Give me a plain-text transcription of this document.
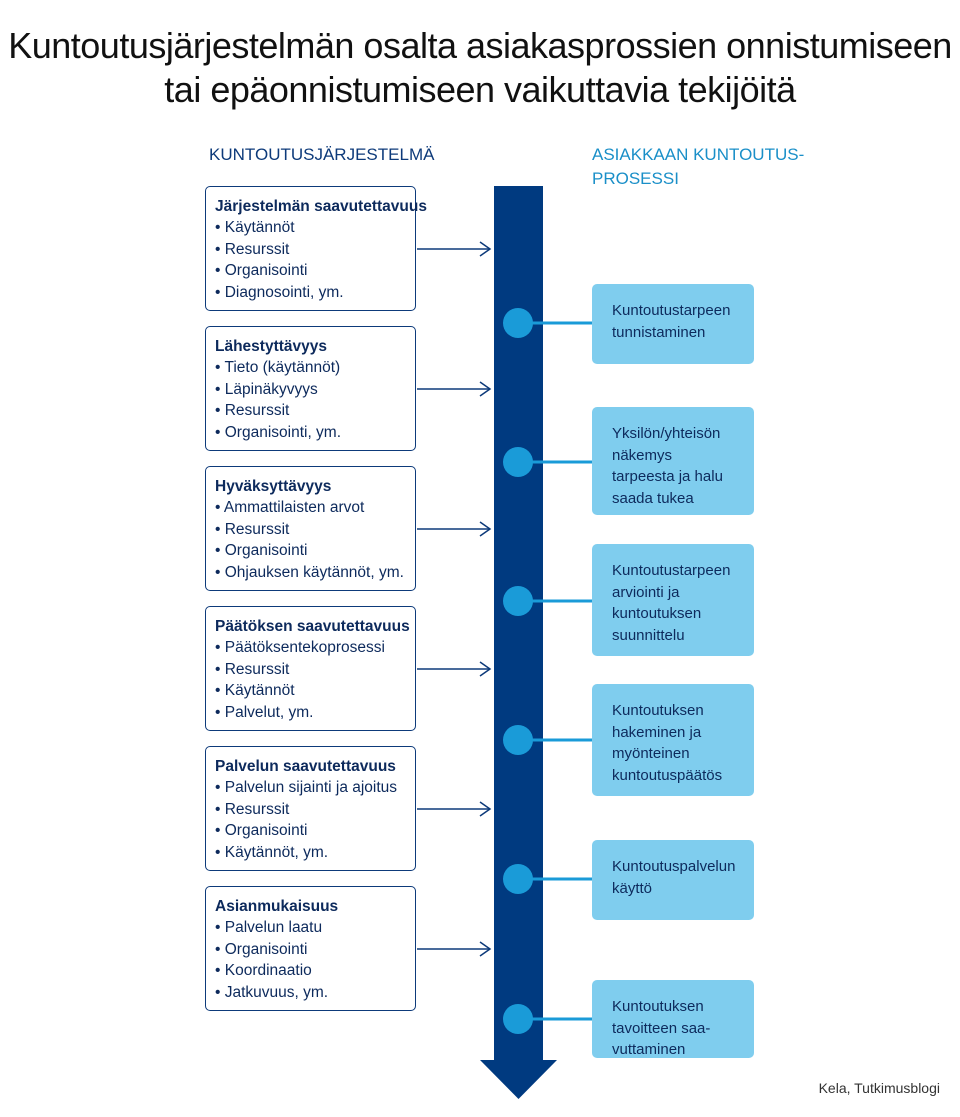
Kuntoutusjärjestelmän osalta asiakasprossien onnistumiseen
tai epäonnistumiseen vaikuttavia tekijöitä
KUNTOUTUSJÄRJESTELMÄ	ASIAKKAAN KUNTOUTUS-
PROSESSI
Järjestelmän saavutettavuus
• Käytännöt
• Resurssit
• Organisointi
• Diagnosointi, ym.
Lähestyttävyys
• Tieto (käytännöt)
• Läpinäkyvyys
• Resurssit
• Organisointi, ym.
Hyväksyttävyys
• Ammattilaisten arvot
• Resurssit
• Organisointi
• Ohjauksen käytännöt, ym.
Päätöksen saavutettavuus
• Päätöksentekoprosessi
• Resurssit
• Käytännöt
• Palvelut, ym.
Palvelun saavutettavuus
• Palvelun sijainti ja ajoitus
• Resurssit
• Organisointi
• Käytännöt, ym.
Asianmukaisuus
• Palvelun laatu
• Organisointi
• Koordinaatio
• Jatkuvuus, ym.
Kuntoutustarpeen
tunnistaminen
Yksilön/yhteisön
näkemys
tarpeesta ja halu
saada tukea
Kuntoutustarpeen
arviointi ja
kuntoutuksen
suunnittelu
Kuntoutuksen
hakeminen ja
myönteinen
kuntoutuspäätös
Kuntoutuspalvelun
käyttö
Kuntoutuksen
tavoitteen saa-
vuttaminen
Kela, Tutkimusblogi
